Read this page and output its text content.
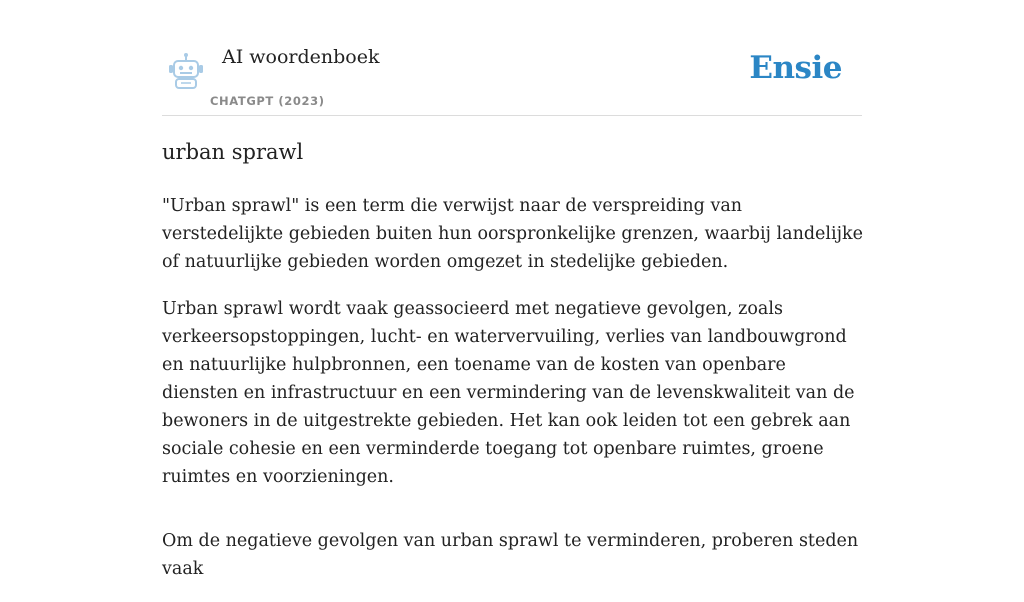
AI woordenboek
CHATGPT (2023)
Ensie
urban sprawl

"Urban sprawl" is een term die verwijst naar de verspreiding van verstedelijkte gebieden buiten hun oorspronkelijke grenzen, waarbij landelijke of natuurlijke gebieden worden omgezet in stedelijke gebieden.

Urban sprawl wordt vaak geassocieerd met negatieve gevolgen, zoals verkeersopstoppingen, lucht- en watervervuiling, verlies van landbouwgrond en natuurlijke hulpbronnen, een toename van de kosten van openbare diensten en infrastructuur en een vermindering van de levenskwaliteit van de bewoners in de uitgestrekte gebieden. Het kan ook leiden tot een gebrek aan sociale cohesie en een verminderde toegang tot openbare ruimtes, groene ruimtes en voorzieningen.

Om de negatieve gevolgen van urban sprawl te verminderen, proberen steden vaak
